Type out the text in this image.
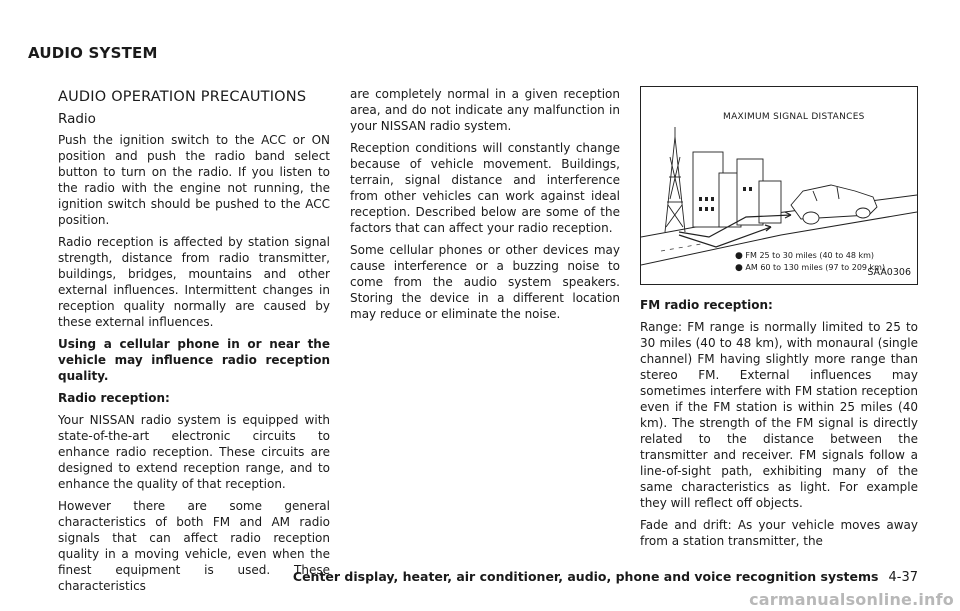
AUDIO SYSTEM
AUDIO OPERATION PRECAUTIONS
Radio

Push the ignition switch to the ACC or ON position and push the radio band select button to turn on the radio. If you listen to the radio with the engine not running, the ignition switch should be pushed to the ACC position.

Radio reception is affected by station signal strength, distance from radio transmitter, buildings, bridges, mountains and other external influences. Intermittent changes in reception quality normally are caused by these external influences.

Using a cellular phone in or near the vehicle may influence radio reception quality.

Radio reception:

Your NISSAN radio system is equipped with state-of-the-art electronic circuits to enhance radio reception. These circuits are designed to extend reception range, and to enhance the quality of that reception.

However there are some general characteristics of both FM and AM radio signals that can affect radio reception quality in a moving vehicle, even when the finest equipment is used. These characteristics

are completely normal in a given reception area, and do not indicate any malfunction in your NISSAN radio system.

Reception conditions will constantly change because of vehicle movement. Buildings, terrain, signal distance and interference from other vehicles can work against ideal reception. Described below are some of the factors that can affect your radio reception.

Some cellular phones or other devices may cause interference or a buzzing noise to come from the audio system speakers. Storing the device in a different location may reduce or eliminate the noise.

MAXIMUM SIGNAL DISTANCES
● FM 25 to 30 miles (40 to 48 km)
● AM 60 to 130 miles (97 to 209 km)
SAA0306

FM radio reception:

Range: FM range is normally limited to 25 to 30 miles (40 to 48 km), with monaural (single channel) FM having slightly more range than stereo FM. External influences may sometimes interfere with FM station reception even if the FM station is within 25 miles (40 km). The strength of the FM signal is directly related to the distance between the transmitter and receiver. FM signals follow a line-of-sight path, exhibiting many of the same characteristics as light. For example they will reflect off objects.

Fade and drift: As your vehicle moves away from a station transmitter, the

Center display, heater, air conditioner, audio, phone and voice recognition systems 4-37
carmanualsonline.info
